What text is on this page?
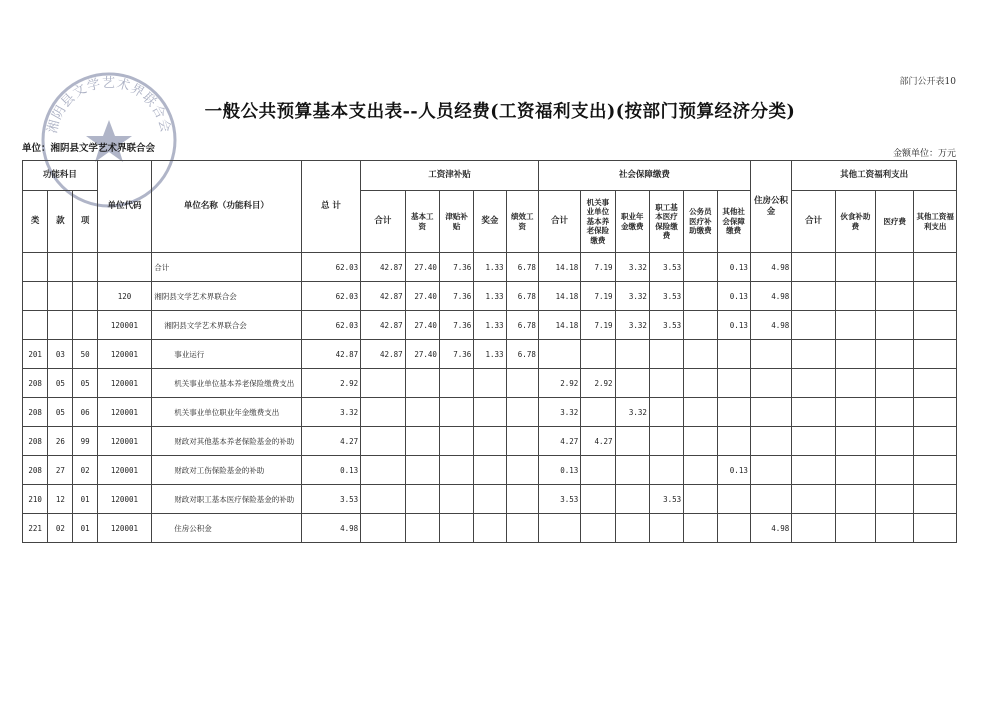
湘阴县文学艺术界联合会
部门公开表10
一般公共预算基本支出表--人员经费(工资福利支出)(按部门预算经济分类)
单位：湘阴县文学艺术界联合会	金额单位：万元
功能科目			单位代码	单位名称（功能科目）	总 计	工资津补贴					社会保障缴费						住房公积金	其他工资福利支出			
类	款	项				合计	基本工资	津贴补贴	奖金	绩效工资	合计	机关事业单位基本养老保险缴费	职业年金缴费	职工基本医疗保险缴费	公务员医疗补助缴费	其他社会保障缴费		合计	伙食补助费	医疗费	其他工资福利支出
				合计	62.03	42.87	27.40	7.36	1.33	6.78	14.18	7.19	3.32	3.53		0.13	4.98				
			120	湘阴县文学艺术界联合会	62.03	42.87	27.40	7.36	1.33	6.78	14.18	7.19	3.32	3.53		0.13	4.98				
			120001	湘阴县文学艺术界联合会	62.03	42.87	27.40	7.36	1.33	6.78	14.18	7.19	3.32	3.53		0.13	4.98				
201	03	50	120001	事业运行	42.87	42.87	27.40	7.36	1.33	6.78											
208	05	05	120001	机关事业单位基本养老保险缴费支出	2.92						2.92	2.92									
208	05	06	120001	机关事业单位职业年金缴费支出	3.32						3.32		3.32								
208	26	99	120001	财政对其他基本养老保险基金的补助	4.27						4.27	4.27									
208	27	02	120001	财政对工伤保险基金的补助	0.13						0.13					0.13					
210	12	01	120001	财政对职工基本医疗保险基金的补助	3.53						3.53			3.53							
221	02	01	120001	住房公积金	4.98												4.98				
